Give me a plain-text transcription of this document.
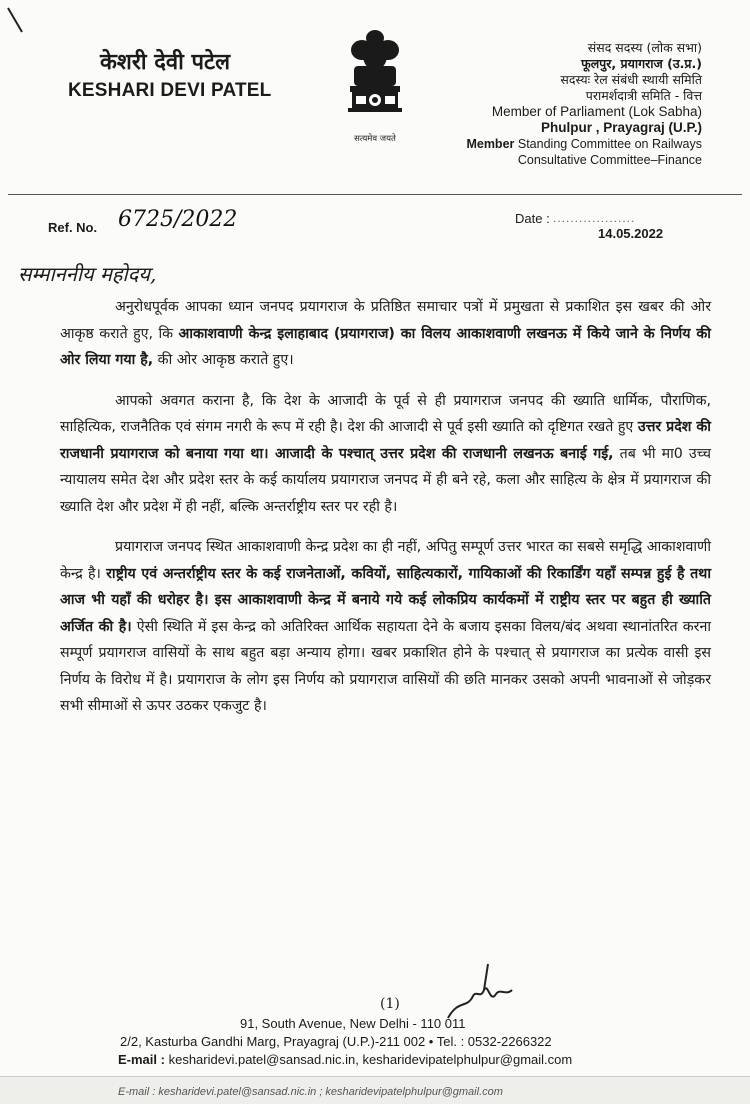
केशरी देवी पटेल
KESHARI DEVI PATEL
सत्यमेव जयते
संसद सदस्य (लोक सभा)
फूलपुर, प्रयागराज (उ.प्र.)
सदस्यः रेल संबंधी स्थायी समिति
परामर्शदात्री समिति - वित्त
Member of Parliament (Lok Sabha)
Phulpur , Prayagraj (U.P.)
Member Standing Committee on Railways
Consultative Committee–Finance
Ref. No. 6725/2022	Date : ...................
14.05.2022
सम्माननीय महोदय,

अनुरोधपूर्वक आपका ध्यान जनपद प्रयागराज के प्रतिष्ठित समाचार पत्रों में प्रमुखता से प्रकाशित इस खबर की ओर आकृष्ठ कराते हुए, कि आकाशवाणी केन्द्र इलाहाबाद (प्रयागराज) का विलय आकाशवाणी लखनऊ में किये जाने के निर्णय की ओर लिया गया है, की ओर आकृष्ठ कराते हुए।

आपको अवगत कराना है, कि देश के आजादी के पूर्व से ही प्रयागराज जनपद की ख्याति धार्मिक, पौराणिक, साहित्यिक, राजनैतिक एवं संगम नगरी के रूप में रही है। देश की आजादी से पूर्व इसी ख्याति को दृष्टिगत रखते हुए उत्तर प्रदेश की राजधानी प्रयागराज को बनाया गया था। आजादी के पश्चात् उत्तर प्रदेश की राजधानी लखनऊ बनाई गई, तब भी मा0 उच्च न्यायालय समेत देश और प्रदेश स्तर के कई कार्यालय प्रयागराज जनपद में ही बने रहे, कला और साहित्य के क्षेत्र में प्रयागराज की ख्याति देश और प्रदेश में ही नहीं, बल्कि अन्तर्राष्ट्रीय स्तर पर रही है।

प्रयागराज जनपद स्थित आकाशवाणी केन्द्र प्रदेश का ही नहीं, अपितु सम्पूर्ण उत्तर भारत का सबसे समृद्धि आकाशवाणी केन्द्र है। राष्ट्रीय एवं अन्तर्राष्ट्रीय स्तर के कई राजनेताओं, कवियों, साहित्यकारों, गायिकाओं की रिकार्डिंग यहाँ सम्पन्न हुई है तथा आज भी यहाँ की धरोहर है। इस आकाशवाणी केन्द्र में बनाये गये कई लोकप्रिय कार्यकमों में राष्ट्रीय स्तर पर बहुत ही ख्याति अर्जित की है। ऐसी स्थिति में इस केन्द्र को अतिरिक्त आर्थिक सहायता देने के बजाय इसका विलय/बंद अथवा स्थानांतरित करना सम्पूर्ण प्रयागराज वासियों के साथ बहुत बड़ा अन्याय होगा। खबर प्रकाशित होने के पश्चात् से प्रयागराज का प्रत्येक वासी इस निर्णय के विरोध में है। प्रयागराज के लोग इस निर्णय को प्रयागराज वासियों की छति मानकर उसको अपनी भावनाओं से जोड़कर सभी सीमाओं से ऊपर उठकर एकजुट है।

(1)
91, South Avenue, New Delhi - 110 011
2/2, Kasturba Gandhi Marg, Prayagraj (U.P.)-211 002 • Tel. : 0532-2266322
E-mail : kesharidevi.patel@sansad.nic.in, kesharidevipatelphulpur@gmail.com
E-mail : kesharidevi.patel@sansad.nic.in ; kesharidevipatelphulpur@gmail.com
